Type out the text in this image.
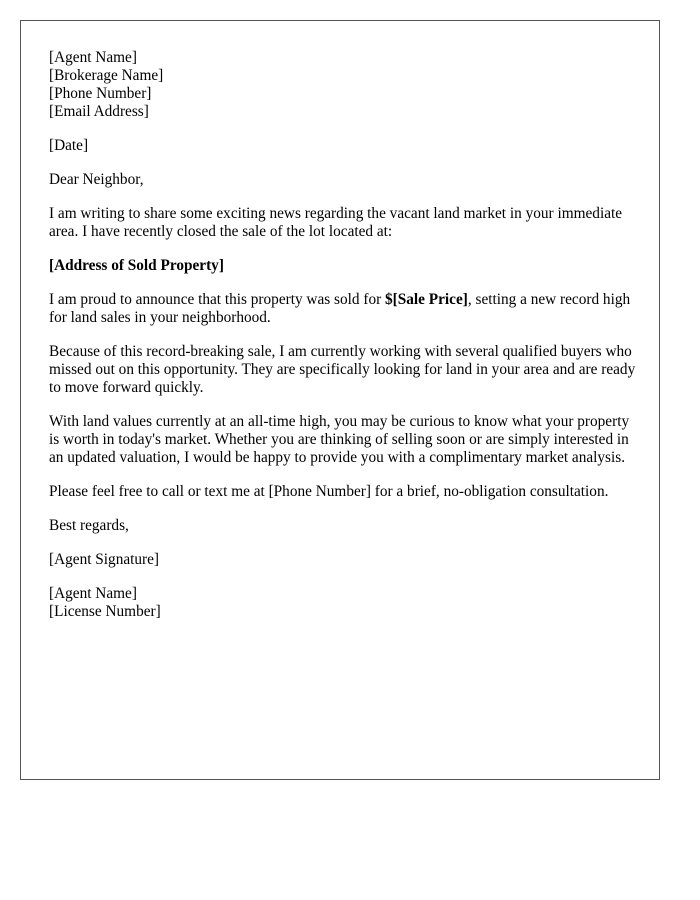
[Agent Name]
[Brokerage Name]
[Phone Number]
[Email Address]

[Date]

Dear Neighbor,

I am writing to share some exciting news regarding the vacant land market in your immediate area. I have recently closed the sale of the lot located at:

[Address of Sold Property]

I am proud to announce that this property was sold for $[Sale Price], setting a new record high for land sales in your neighborhood.

Because of this record-breaking sale, I am currently working with several qualified buyers who missed out on this opportunity. They are specifically looking for land in your area and are ready to move forward quickly.

With land values currently at an all-time high, you may be curious to know what your property is worth in today's market. Whether you are thinking of selling soon or are simply interested in an updated valuation, I would be happy to provide you with a complimentary market analysis.

Please feel free to call or text me at [Phone Number] for a brief, no-obligation consultation.

Best regards,

[Agent Signature]

[Agent Name]
[License Number]
